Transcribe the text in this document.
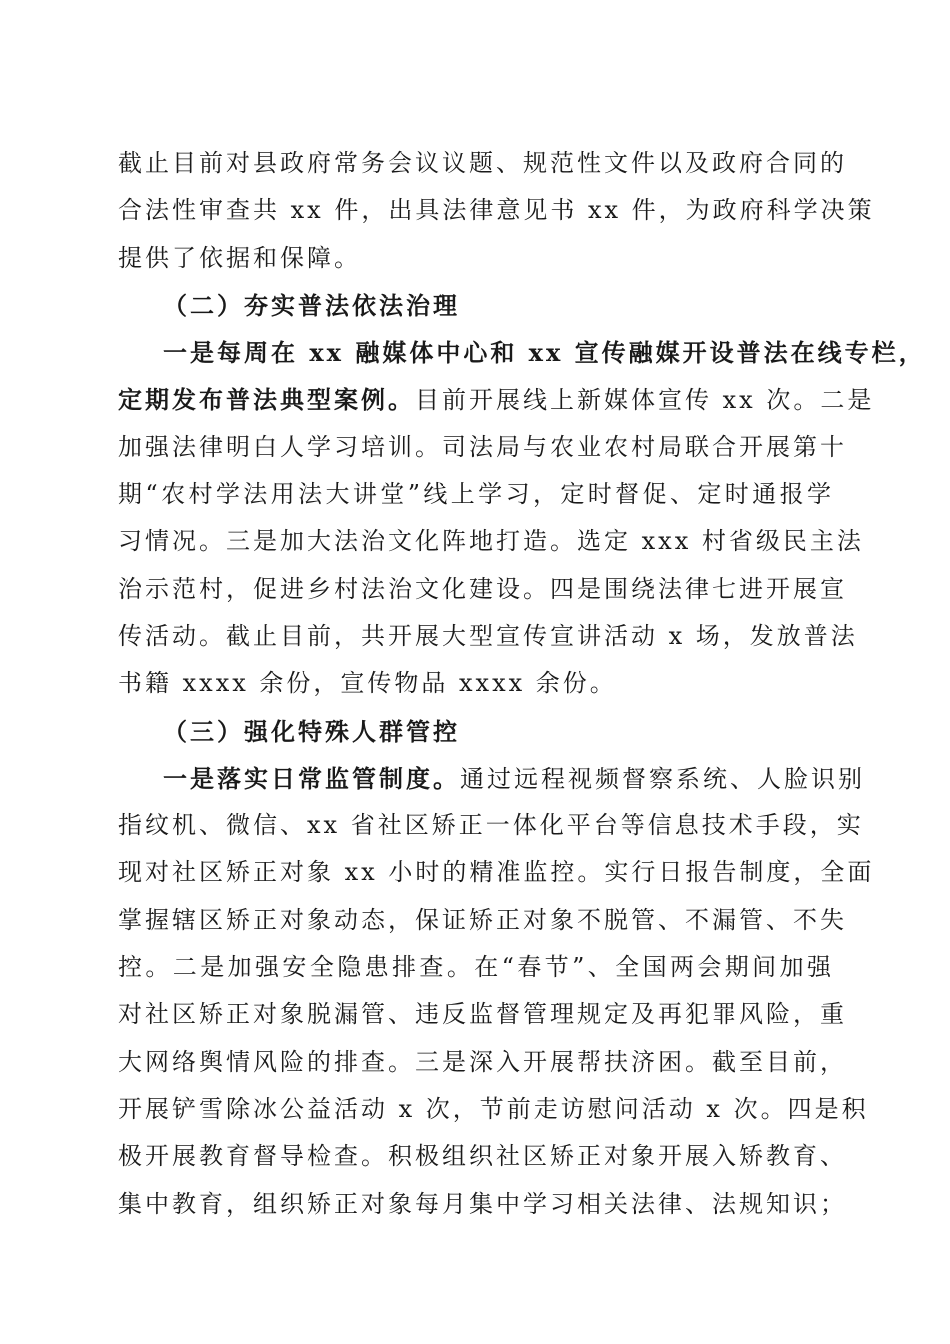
截止目前对县政府常务会议议题、规范性文件以及政府合同的
合法性审查共 xx 件，出具法律意见书 xx 件，为政府科学决策
提供了依据和保障。
（二）夯实普法依法治理
一是每周在 xx 融媒体中心和 xx 宣传融媒开设普法在线专栏，
定期发布普法典型案例。目前开展线上新媒体宣传 xx 次。二是
加强法律明白人学习培训。司法局与农业农村局联合开展第十
期“农村学法用法大讲堂”线上学习，定时督促、定时通报学
习情况。三是加大法治文化阵地打造。选定 xxx 村省级民主法
治示范村，促进乡村法治文化建设。四是围绕法律七进开展宣
传活动。截止目前，共开展大型宣传宣讲活动 x 场，发放普法
书籍 xxxx 余份，宣传物品 xxxx 余份。
（三）强化特殊人群管控
一是落实日常监管制度。通过远程视频督察系统、人脸识别
指纹机、微信、xx 省社区矫正一体化平台等信息技术手段，实
现对社区矫正对象 xx 小时的精准监控。实行日报告制度，全面
掌握辖区矫正对象动态，保证矫正对象不脱管、不漏管、不失
控。二是加强安全隐患排查。在“春节”、全国两会期间加强
对社区矫正对象脱漏管、违反监督管理规定及再犯罪风险，重
大网络舆情风险的排查。三是深入开展帮扶济困。截至目前，
开展铲雪除冰公益活动 x 次，节前走访慰问活动 x 次。四是积
极开展教育督导检查。积极组织社区矫正对象开展入矫教育、
集中教育，组织矫正对象每月集中学习相关法律、法规知识；
